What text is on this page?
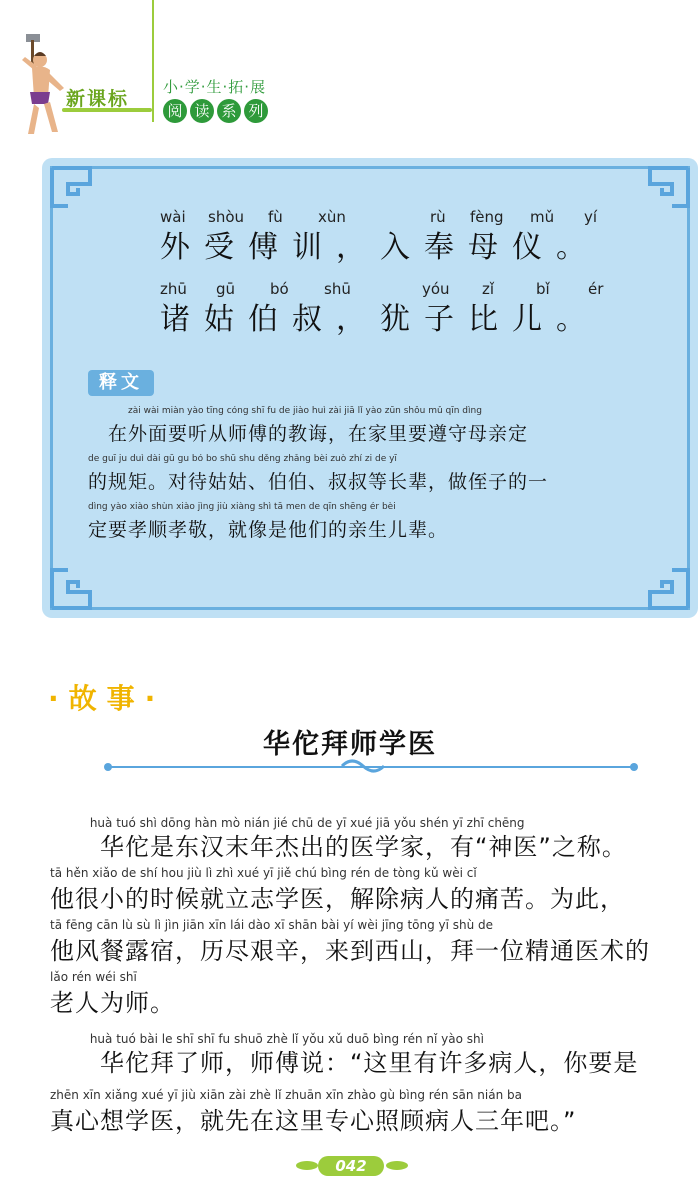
新课标
小·学·生·拓·展
阅 读 系 列
wài shòu fù xùn	rù fèng mǔ yí
外受傅训，入奉母仪。
zhū gū bó shū	yóu zǐ	bǐ	ér
诸姑伯叔，犹子比儿。
释文
zài wài miàn yào tīng cóng shī fu de jiào huì zài jiā lǐ yào zūn shǒu mǔ qīn dìng
　在外面要听从师傅的教诲，在家里要遵守母亲定
de guī ju duì dài gū gu bó bo shū shu děng zhǎng bèi zuò zhí zi de yī
的规矩。对待姑姑、伯伯、叔叔等长辈，做侄子的一
dìng yào xiào shùn xiào jìng jiù xiàng shì tā men de qīn shēng ér bèi
定要孝顺孝敬，就像是他们的亲生儿辈。
·故事·
华佗拜师学医
　　　 huà tuó shì dōng hàn mò nián jié chū de yī xué jiā yǒu shén yī zhī chēng
　　华佗是东汉末年杰出的医学家，有“神医”之称。
tā hěn xiǎo de shí hou jiù lì zhì xué yī jiě chú bìng rén de tòng kǔ wèi cǐ
他很小的时候就立志学医，解除病人的痛苦。为此，
tā fēng cān lù sù lì jìn jiān xīn lái dào xī shān bài yí wèi jīng tōng yī shù de
他风餐露宿，历尽艰辛，来到西山，拜一位精通医术的
lǎo rén wéi shī
老人为师。
　　　 huà tuó bài le shī shī fu shuō zhè lǐ yǒu xǔ duō bìng rén nǐ yào shì
　　华佗拜了师，师傅说：“这里有许多病人，你要是
zhēn xīn xiǎng xué yī jiù xiān zài zhè lǐ zhuān xīn zhào gù bìng rén sān nián ba
真心想学医，就先在这里专心照顾病人三年吧。”
042
